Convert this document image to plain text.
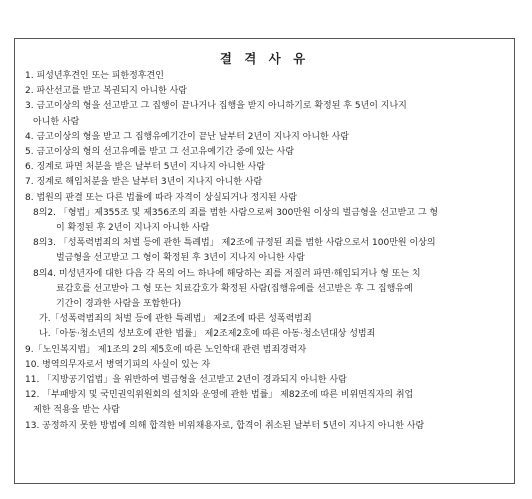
결 격 사 유
1. 피성년후견인 또는 피한정후견인
2. 파산선고를 받고 복권되지 아니한 사람
3. 금고이상의 형을 선고받고 그 집행이 끝나거나 집행을 받지 아니하기로 확정된 후 5년이 지나지
아니한 사람
4. 금고이상의 형을 받고 그 집행유예기간이 끝난 날부터 2년이 지나지 아니한 사람
5. 금고이상의 형의 선고유예를 받고 그 선고유예기간 중에 있는 사람
6. 징계로 파면 처분을 받은 날부터 5년이 지나지 아니한 사람
7. 징계로 해임처분을 받은 날부터 3년이 지나지 아니한 사람
8. 법원의 판결 또는 다른 법률에 따라 자격이 상실되거나 정지된 사람
8의2. 「형법」제355조 및 제356조의 죄를 범한 사람으로써 300만원 이상의 벌금형을 선고받고 그 형
이 확정된 후 2년이 지나지 아니한 사람
8의3. 「성폭력범죄의 처벌 등에 관한 특례법」 제2조에 규정된 죄를 범한 사람으로서 100만원 이상의
벌금형을 선고받고 그 형이 확정된 후 3년이 지나지 아니한 사람
8의4. 미성년자에 대한 다음 각 목의 어느 하나에 해당하는 죄를 저질러 파면·해임되거나 형 또는 치
료감호를 선고받아 그 형 또는 치료감호가 확정된 사람(집행유예를 선고받은 후 그 집행유예
기간이 경과한 사람을 포함한다)
가.「성폭력범죄의 처벌 등에 관한 특례법」 제2조에 따른 성폭력범죄
나.「아동·청소년의 성보호에 관한 법률」 제2조제2호에 따른 아동·청소년대상 성범죄
9.「노인복지법」 제1조의 2의 제5호에 따른 노인학대 관련 범죄경력자
10. 병역의무자로서 병역기피의 사실이 있는 자
11. 「지방공기업법」을 위반하여 벌금형을 선고받고 2년이 경과되지 아니한 사람
12. 「부패방지 및 국민권익위원회의 설치와 운영에 관한 법률」 제82조에 따른 비위면직자의 취업
제한 적용을 받는 사람
13. 공정하지 못한 방법에 의해 합격한 비위채용자로, 합격이 취소된 날부터 5년이 지나지 아니한 사람
